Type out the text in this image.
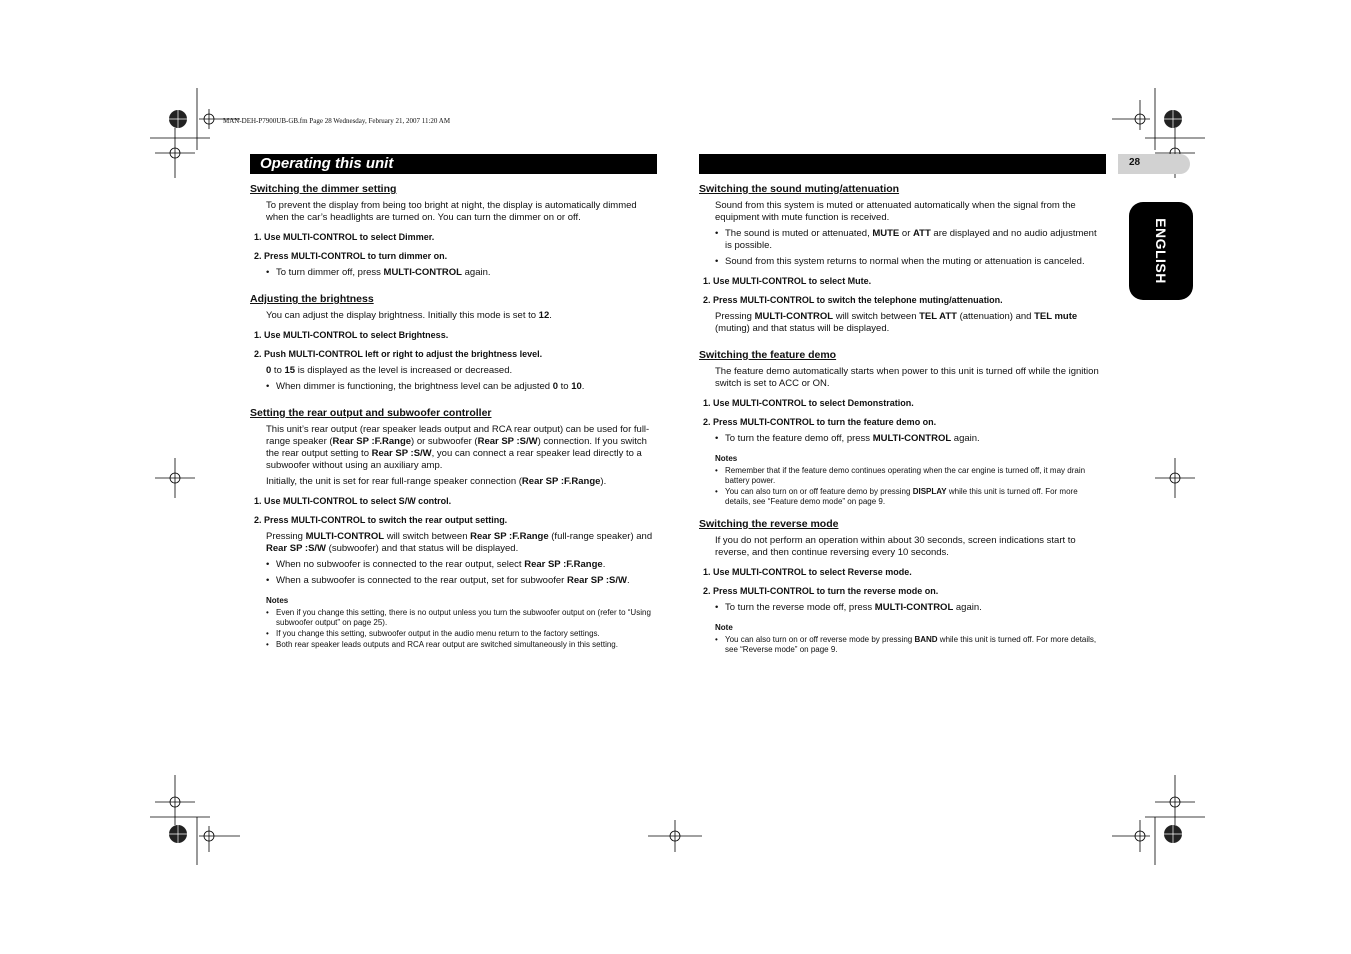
MAN-DEH-P7900UB-GB.fm Page 28 Wednesday, February 21, 2007 11:20 AM
Operating this unit	28
ENGLISH
Switching the dimmer setting
To prevent the display from being too bright at night, the display is automatically dimmed when the car’s headlights are turned on. You can turn the dimmer on or off.
1. Use MULTI-CONTROL to select Dimmer.
2. Press MULTI-CONTROL to turn dimmer on.
• To turn dimmer off, press MULTI-CONTROL again.
Adjusting the brightness
You can adjust the display brightness. Initially this mode is set to 12.
1. Use MULTI-CONTROL to select Brightness.
2. Push MULTI-CONTROL left or right to adjust the brightness level.
0 to 15 is displayed as the level is increased or decreased.
• When dimmer is functioning, the brightness level can be adjusted 0 to 10.
Setting the rear output and subwoofer controller
This unit’s rear output (rear speaker leads output and RCA rear output) can be used for full-range speaker (Rear SP :F.Range) or subwoofer (Rear SP :S/W) connection. If you switch the rear output setting to Rear SP :S/W, you can connect a rear speaker lead directly to a subwoofer without using an auxiliary amp.
Initially, the unit is set for rear full-range speaker connection (Rear SP :F.Range).
1. Use MULTI-CONTROL to select S/W control.
2. Press MULTI-CONTROL to switch the rear output setting.
Pressing MULTI-CONTROL will switch between Rear SP :F.Range (full-range speaker) and Rear SP :S/W (subwoofer) and that status will be displayed.
• When no subwoofer is connected to the rear output, select Rear SP :F.Range.
• When a subwoofer is connected to the rear output, set for subwoofer Rear SP :S/W.
Notes
• Even if you change this setting, there is no output unless you turn the subwoofer output on (refer to “Using subwoofer output” on page 25).
• If you change this setting, subwoofer output in the audio menu return to the factory settings.
• Both rear speaker leads outputs and RCA rear output are switched simultaneously in this setting.
Switching the sound muting/attenuation
Sound from this system is muted or attenuated automatically when the signal from the equipment with mute function is received.
• The sound is muted or attenuated, MUTE or ATT are displayed and no audio adjustment is possible.
• Sound from this system returns to normal when the muting or attenuation is canceled.
1. Use MULTI-CONTROL to select Mute.
2. Press MULTI-CONTROL to switch the telephone muting/attenuation.
Pressing MULTI-CONTROL will switch between TEL ATT (attenuation) and TEL mute (muting) and that status will be displayed.
Switching the feature demo
The feature demo automatically starts when power to this unit is turned off while the ignition switch is set to ACC or ON.
1. Use MULTI-CONTROL to select Demonstration.
2. Press MULTI-CONTROL to turn the feature demo on.
• To turn the feature demo off, press MULTI-CONTROL again.
Notes
• Remember that if the feature demo continues operating when the car engine is turned off, it may drain battery power.
• You can also turn on or off feature demo by pressing DISPLAY while this unit is turned off. For more details, see “Feature demo mode” on page 9.
Switching the reverse mode
If you do not perform an operation within about 30 seconds, screen indications start to reverse, and then continue reversing every 10 seconds.
1. Use MULTI-CONTROL to select Reverse mode.
2. Press MULTI-CONTROL to turn the reverse mode on.
• To turn the reverse mode off, press MULTI-CONTROL again.
Note
• You can also turn on or off reverse mode by pressing BAND while this unit is turned off. For more details, see “Reverse mode” on page 9.
